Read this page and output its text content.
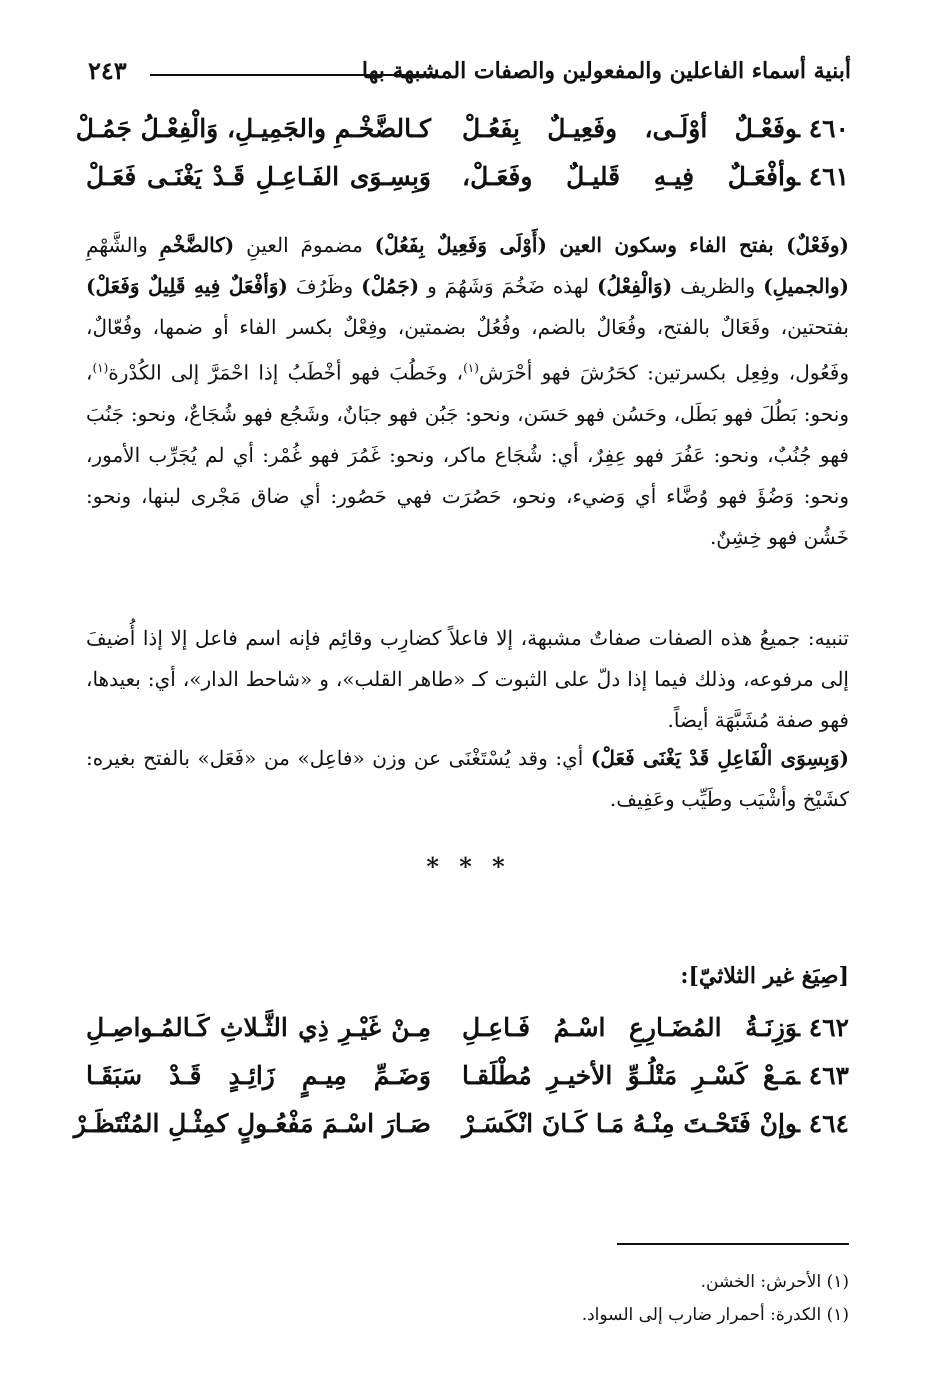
أبنية أسماء الفاعلين والمفعولين والصفات المشبهة بها
٢٤٣
٤٦٠ ـ
وفَعْـلٌ أوْلَـى، وفَعِيـلٌ بِفَعُـلْ
كـالضَّخْـمِ والجَمِيـلِ، وَالْفِعْـلُ جَمُـلْ
٤٦١ ـ
وأفْعَـلٌ فِيـهِ قَليـلٌ وفَعَـلْ،
وَبِسِـوَى الفَـاعِـلِ قَـدْ يَغْنَـى فَعَـلْ

(وفَعْلٌ) بفتح الفاء وسكون العين (أَوْلَى وَفَعِيلٌ بِفَعُلْ) مضمومَ العينِ (كالضَّخْمِ والشَّهْمِ (والجميلِ) والظريف (وَالْفِعْلُ) لهذه ضَخُمَ وَشَهُمَ و (جَمُلْ) وظَرُفَ (وَأفْعَلٌ فِيهِ قَلِيلٌ وَفَعَلْ) بفتحتين، وفَعَالٌ بالفتح، وفُعَالٌ بالضم، وفُعُلٌ بضمتين، وفِعْلٌ بكسر الفاء أو ضمها، وفُعّالٌ، وفَعُول، وفِعِل بكسرتين: كحَرُشَ فهو أحْرَش$^{(١)}$، وخَطُبَ فهو أخْطَبُ إذا احْمَرَّ إلى الكُدْرة$^{(١)}$، ونحو: بَطُلَ فهو بَطَل، وحَسُن فهو حَسَن، ونحو: جَبُن فهو جبَانٌ، وشَجُع فهو شُجَاعٌ، ونحو: جَنُبَ فهو جُنُبٌ، ونحو: عَفُرَ فهو عِفِرٌ، أي: شُجَاع ماكر، ونحو: غَمُرَ فهو غُمْر: أي لم يُجَرِّب الأمور، ونحو: وَضُؤَ فهو وُضَّاء أي وَضيء، ونحو، حَصُرَت فهي حَصُور: أي ضاق مَجْرى لبنها، ونحو: خَشُن فهو خِشِنٌ.

تنبيه: جميعُ هذه الصفات صفاتٌ مشبهة، إلا فاعلاً كضارِب وقائِم فإنه اسم فاعل إلا إذا أُضيفَ إلى مرفوعه، وذلك فيما إذا دلّ على الثبوت كـ «طاهر القلب»، و «شاحط الدار»، أي: بعيدها، فهو صفة مُشَبَّهَة أيضاً.

(وَبِسِوَى الْفَاعِلِ قَدْ يَغْنَى فَعَلْ) أي: وقد يُسْتَغْنَى عن وزن «فاعِل» من «فَعَل» بالفتح بغيره: كشَيْخ وأشْيَب وطَيِّب وعَفِيف.

* * *
[صِيَغ غير الثلاثيّ]:
٤٦٢ ـ
وَزِنَـةُ المُضَـارِعِ اسْـمُ فَـاعِـلِ
مِـنْ غَيْـرِ ذِي الثَّـلاثِ كَـالمُـواصِـلِ
٤٦٣ ـ
مَـعْ كَسْـرِ مَتْلُـوِّ الأخيـرِ مُطْلَقـا
وَضَـمِّ مِيـمٍ زَائِـدٍ قَـدْ سَبَقَـا
٤٦٤ ـ
وإنْ فَتَحْـتَ مِنْـهُ مَـا كَـانَ انْكَسَـرْ
صَـارَ اسْـمَ مَفْعُـولٍ كمِثْـلِ المُنْتَظَـرْ
(١) الأحرش: الخشن.
(١) الكدرة: أحمرار ضارب إلى السواد.
